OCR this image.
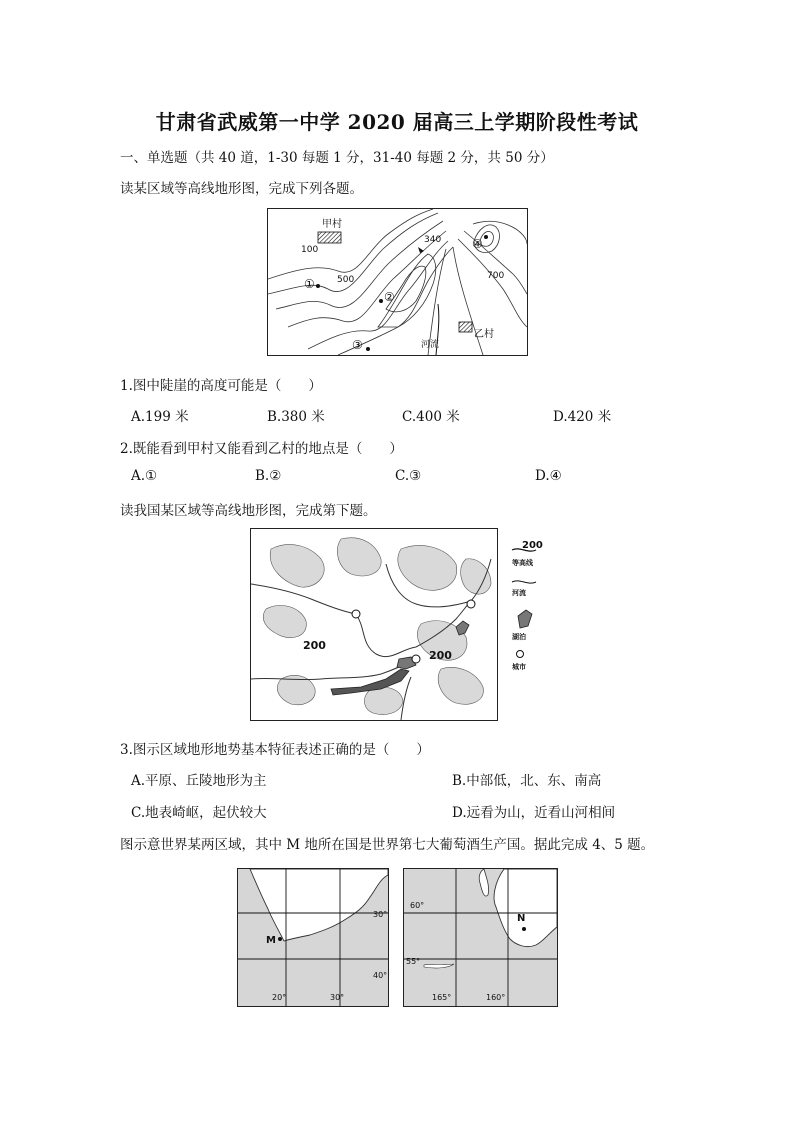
甘肃省武威第一中学 2020 届高三上学期阶段性考试
一、单选题（共 40 道，1-30 每题 1 分，31-40 每题 2 分，共 50 分）
读某区域等高线地形图，完成下列各题。
甲村
乙村
河流
100
500
340
700
①
②
③
④
1.图中陡崖的高度可能是（　　）
A.199 米	B.380 米	C.400 米	D.420 米
2.既能看到甲村又能看到乙村的地点是（　　）
A.①	B.②	C.③	D.④
读我国某区域等高线地形图，完成第下题。
200
200
200
等高线
河流
湖泊
城市
3.图示区域地形地势基本特征表述正确的是（　　）
A.平原、丘陵地形为主	B.中部低，北、东、南高
C.地表崎岖，起伏较大	D.远看为山，近看山河相间
图示意世界某两区域，其中 M 地所在国是世界第七大葡萄酒生产国。据此完成 4、5 题。
30°
40°
20°	30°
M
60°
55°
165°	160°
N
